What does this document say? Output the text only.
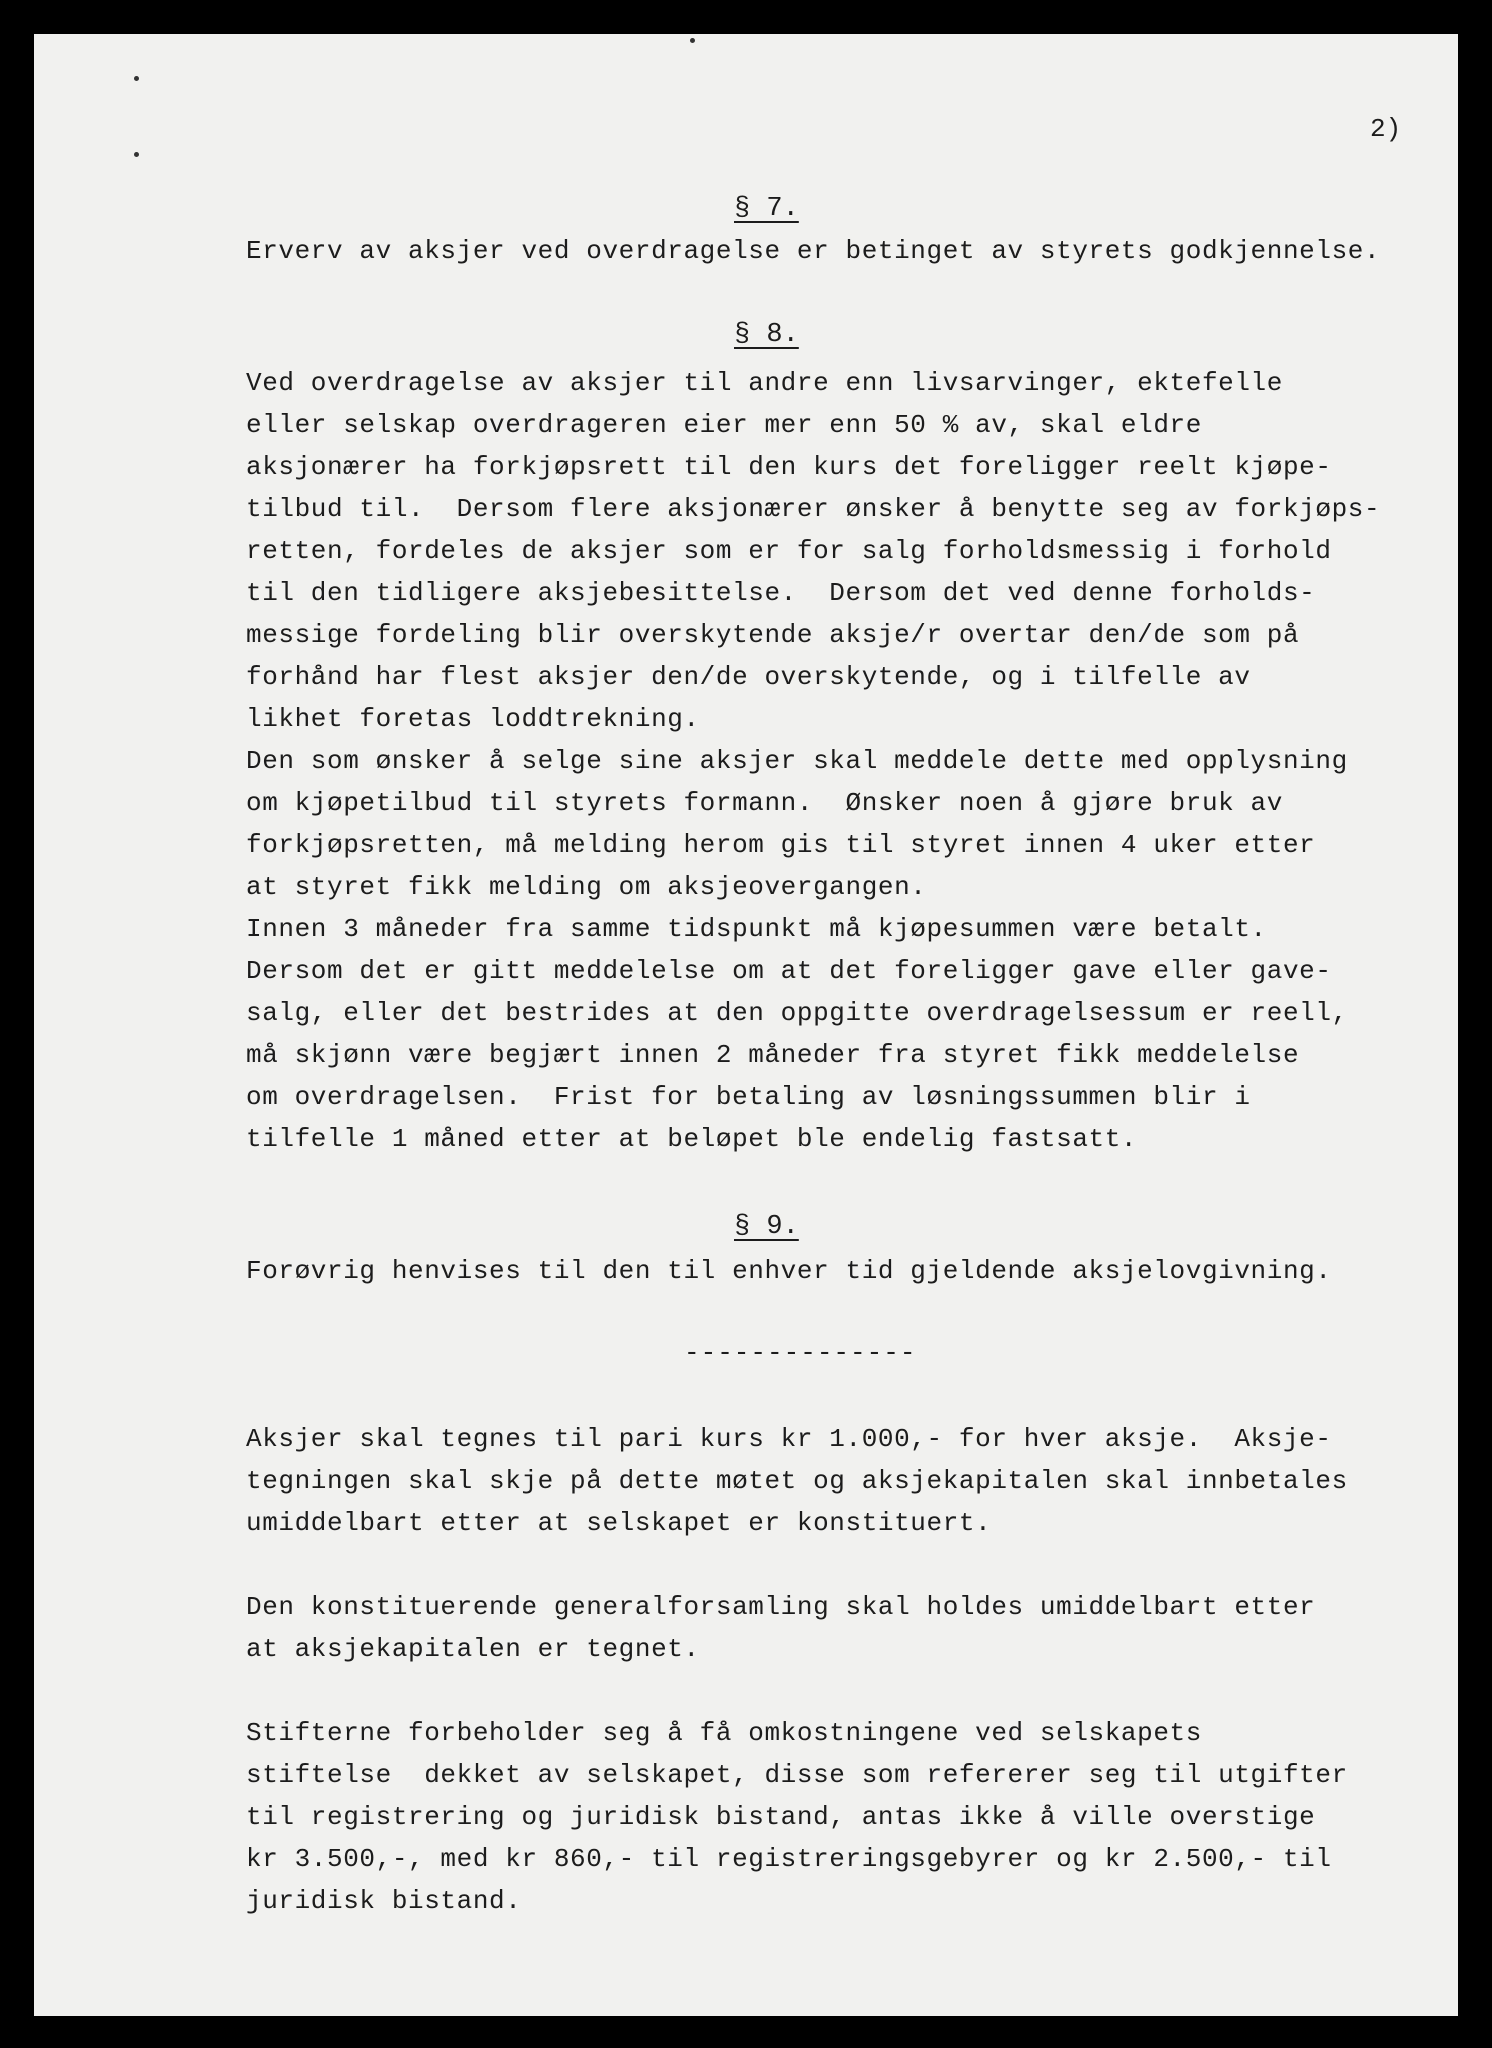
2)
§ 7.
Erverv av aksjer ved overdragelse er betinget av styrets godkjennelse.
§ 8.
Ved overdragelse av aksjer til andre enn livsarvinger, ektefelle
eller selskap overdrageren eier mer enn 50 % av, skal eldre
aksjonærer ha forkjøpsrett til den kurs det foreligger reelt kjøpe-
tilbud til.  Dersom flere aksjonærer ønsker å benytte seg av forkjøps-
retten, fordeles de aksjer som er for salg forholdsmessig i forhold
til den tidligere aksjebesittelse.  Dersom det ved denne forholds-
messige fordeling blir overskytende aksje/r overtar den/de som på
forhånd har flest aksjer den/de overskytende, og i tilfelle av
likhet foretas loddtrekning.
Den som ønsker å selge sine aksjer skal meddele dette med opplysning
om kjøpetilbud til styrets formann.  Ønsker noen å gjøre bruk av
forkjøpsretten, må melding herom gis til styret innen 4 uker etter
at styret fikk melding om aksjeovergangen.
Innen 3 måneder fra samme tidspunkt må kjøpesummen være betalt.
Dersom det er gitt meddelelse om at det foreligger gave eller gave-
salg, eller det bestrides at den oppgitte overdragelsessum er reell,
må skjønn være begjært innen 2 måneder fra styret fikk meddelelse
om overdragelsen.  Frist for betaling av løsningssummen blir i
tilfelle 1 måned etter at beløpet ble endelig fastsatt.
§ 9.
Forøvrig henvises til den til enhver tid gjeldende aksjelovgivning.
--------------
Aksjer skal tegnes til pari kurs kr 1.000,- for hver aksje.  Aksje-
tegningen skal skje på dette møtet og aksjekapitalen skal innbetales
umiddelbart etter at selskapet er konstituert.
Den konstituerende generalforsamling skal holdes umiddelbart etter
at aksjekapitalen er tegnet.
Stifterne forbeholder seg å få omkostningene ved selskapets
stiftelse  dekket av selskapet, disse som refererer seg til utgifter
til registrering og juridisk bistand, antas ikke å ville overstige
kr 3.500,-, med kr 860,- til registreringsgebyrer og kr 2.500,- til
juridisk bistand.
